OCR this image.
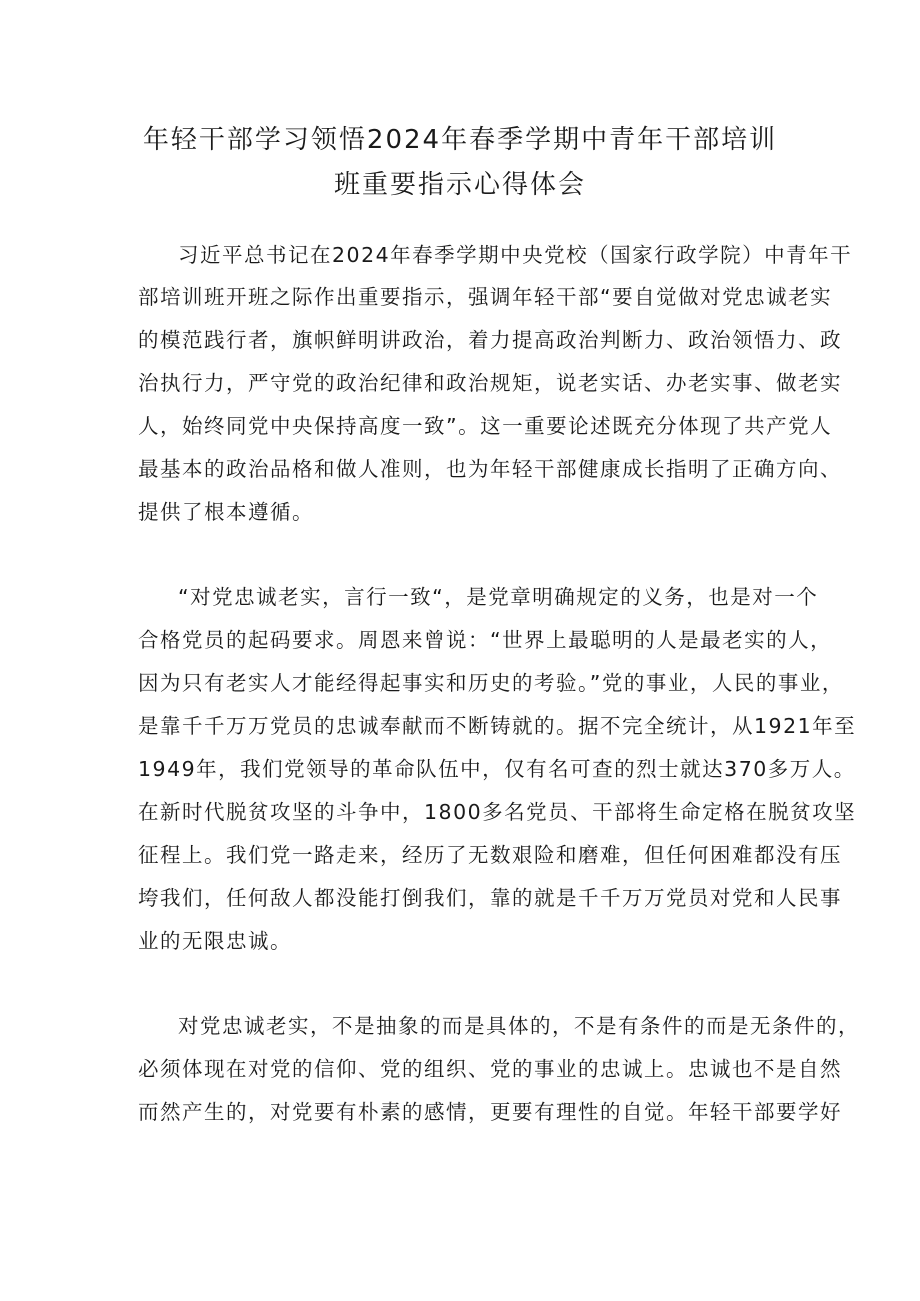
年轻干部学习领悟2024年春季学期中青年干部培训
班重要指示心得体会
习近平总书记在2024年春季学期中央党校（国家行政学院）中青年干
部培训班开班之际作出重要指示，强调年轻干部“要自觉做对党忠诚老实
的模范践行者，旗帜鲜明讲政治，着力提高政治判断力、政治领悟力、政
治执行力，严守党的政治纪律和政治规矩，说老实话、办老实事、做老实
人，始终同党中央保持高度一致”。这一重要论述既充分体现了共产党人
最基本的政治品格和做人准则，也为年轻干部健康成长指明了正确方向、
提供了根本遵循。
“对党忠诚老实，言行一致“，是党章明确规定的义务，也是对一个
合格党员的起码要求。周恩来曾说：“世界上最聪明的人是最老实的人，
因为只有老实人才能经得起事实和历史的考验。”党的事业，人民的事业，
是靠千千万万党员的忠诚奉献而不断铸就的。据不完全统计，从1921年至
1949年，我们党领导的革命队伍中，仅有名可查的烈士就达370多万人。
在新时代脱贫攻坚的斗争中，1800多名党员、干部将生命定格在脱贫攻坚
征程上。我们党一路走来，经历了无数艰险和磨难，但任何困难都没有压
垮我们，任何敌人都没能打倒我们，靠的就是千千万万党员对党和人民事
业的无限忠诚。
对党忠诚老实，不是抽象的而是具体的，不是有条件的而是无条件的，
必须体现在对党的信仰、党的组织、党的事业的忠诚上。忠诚也不是自然
而然产生的，对党要有朴素的感情，更要有理性的自觉。年轻干部要学好
